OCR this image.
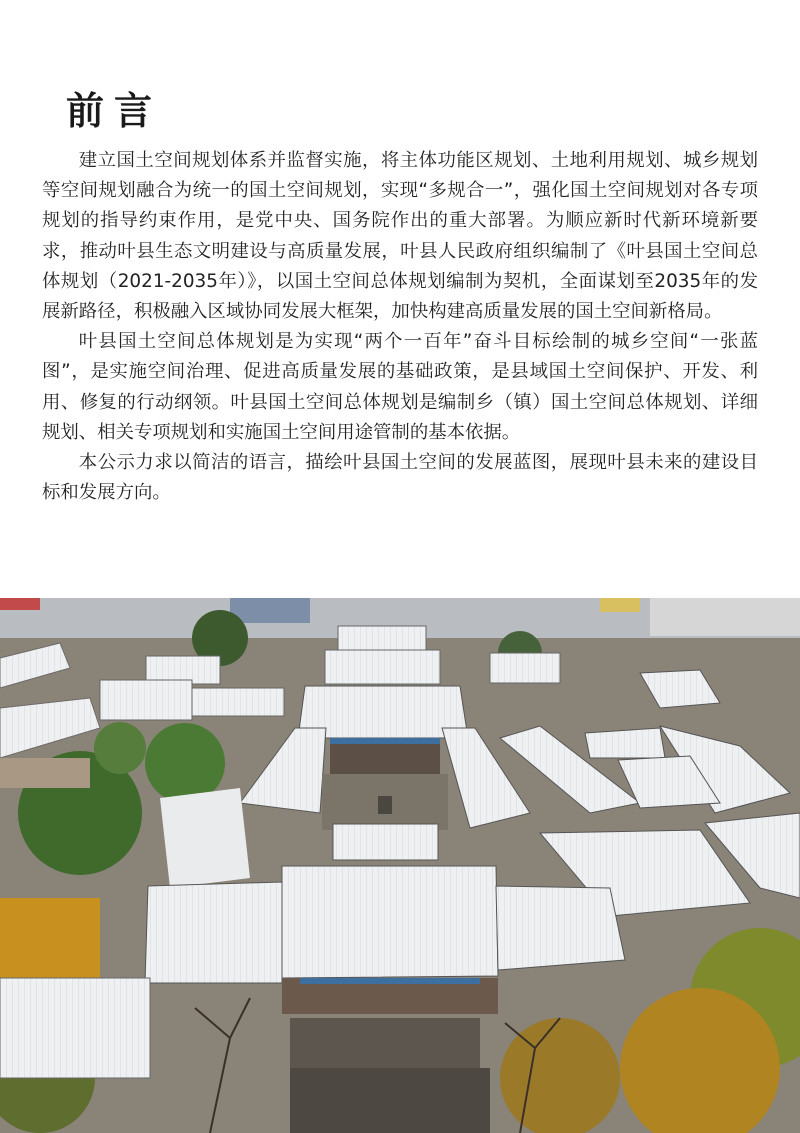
前言

建立国土空间规划体系并监督实施，将主体功能区规划、土地利用规划、城乡规划等空间规划融合为统一的国土空间规划，实现“多规合一”，强化国土空间规划对各专项规划的指导约束作用，是党中央、国务院作出的重大部署。为顺应新时代新环境新要求，推动叶县生态文明建设与高质量发展，叶县人民政府组织编制了《叶县国土空间总体规划（2021-2035年）》，以国土空间总体规划编制为契机，全面谋划至2035年的发展新路径，积极融入区域协同发展大框架，加快构建高质量发展的国土空间新格局。

叶县国土空间总体规划是为实现“两个一百年”奋斗目标绘制的城乡空间“一张蓝图”，是实施空间治理、促进高质量发展的基础政策，是县域国土空间保护、开发、利用、修复的行动纲领。叶县国土空间总体规划是编制乡（镇）国土空间总体规划、详细规划、相关专项规划和实施国土空间用途管制的基本依据。

本公示力求以简洁的语言，描绘叶县国土空间的发展蓝图，展现叶县未来的建设目标和发展方向。
